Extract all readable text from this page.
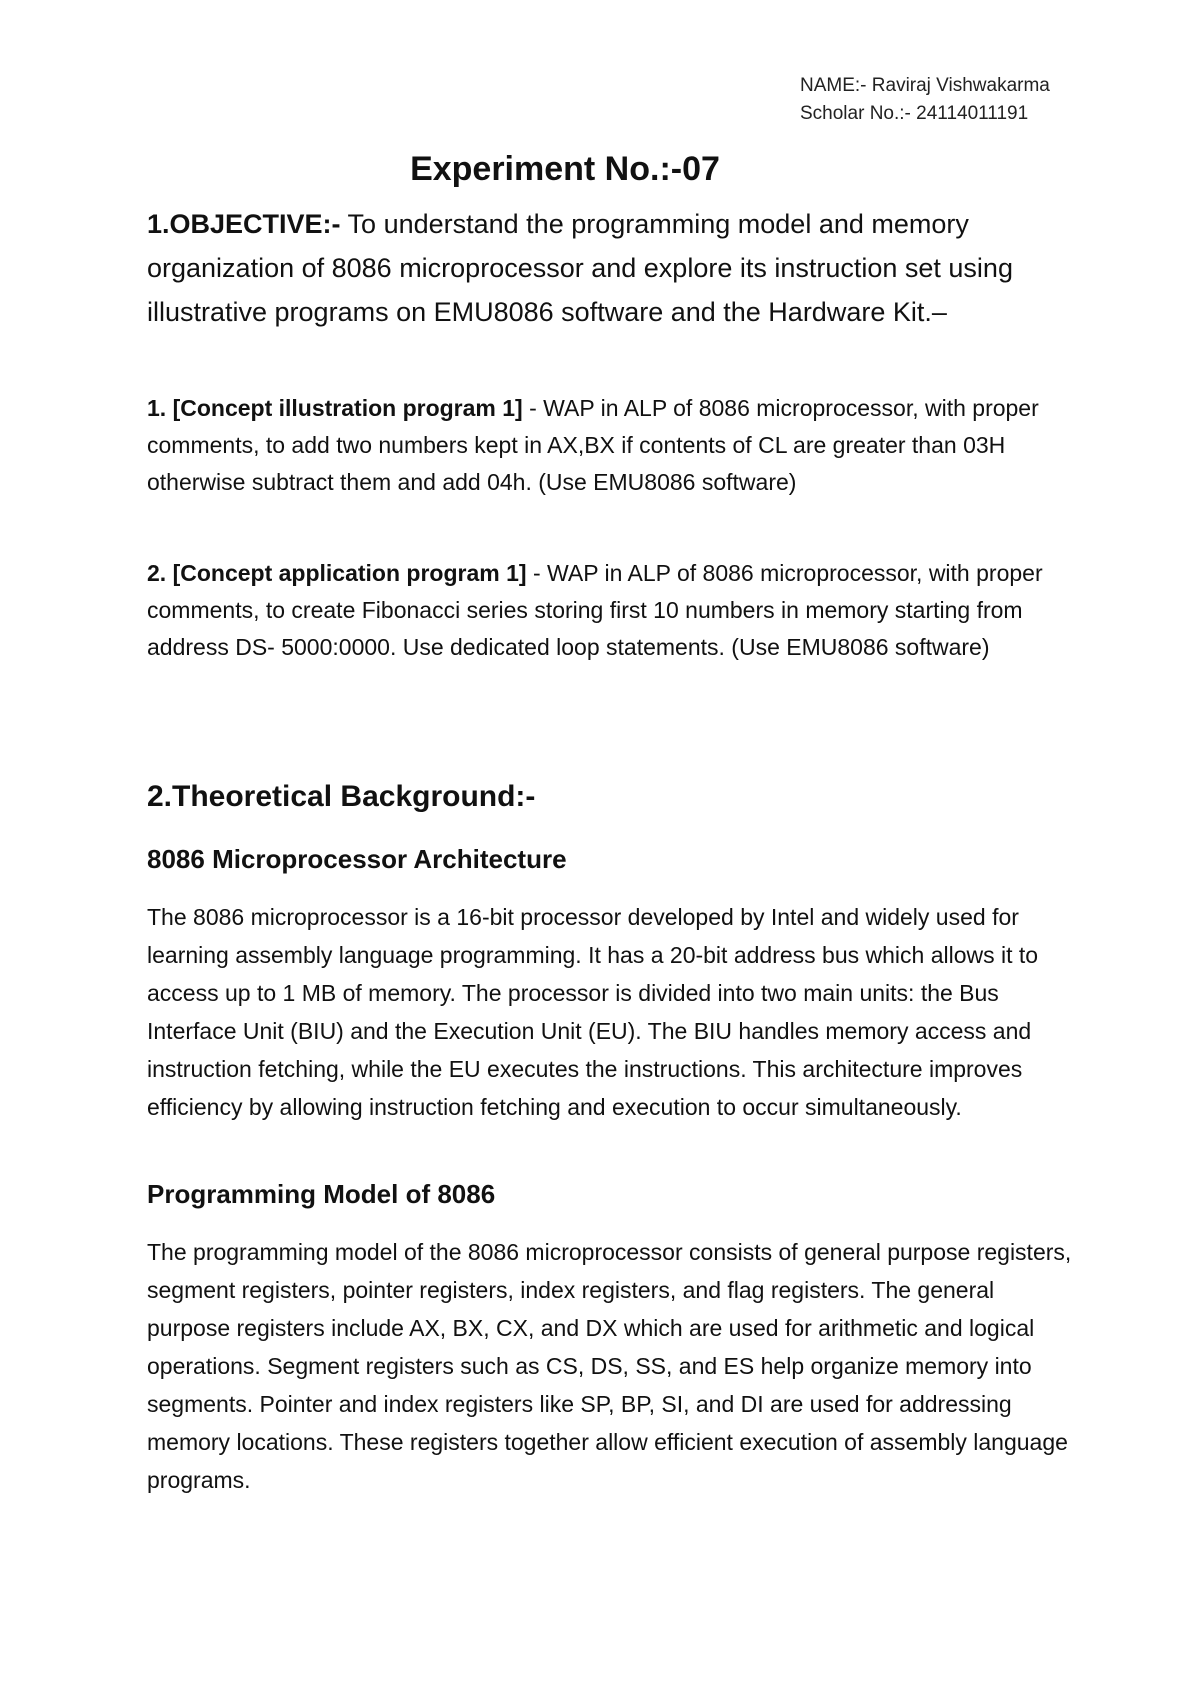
NAME:- Raviraj Vishwakarma
Scholar No.:- 24114011191
Experiment No.:-07

1.OBJECTIVE:- To understand the programming model and memory organization of 8086 microprocessor and explore its instruction set using illustrative programs on EMU8086 software and the Hardware Kit.–

1. [Concept illustration program 1] - WAP in ALP of 8086 microprocessor, with proper comments, to add two numbers kept in AX,BX if contents of CL are greater than 03H otherwise subtract them and add 04h. (Use EMU8086 software)

2. [Concept application program 1] - WAP in ALP of 8086 microprocessor, with proper comments, to create Fibonacci series storing first 10 numbers in memory starting from address DS- 5000:0000. Use dedicated loop statements. (Use EMU8086 software)

2.Theoretical Background:-
8086 Microprocessor Architecture

The 8086 microprocessor is a 16-bit processor developed by Intel and widely used for learning assembly language programming. It has a 20-bit address bus which allows it to access up to 1 MB of memory. The processor is divided into two main units: the Bus Interface Unit (BIU) and the Execution Unit (EU). The BIU handles memory access and instruction fetching, while the EU executes the instructions. This architecture improves efficiency by allowing instruction fetching and execution to occur simultaneously.

Programming Model of 8086

The programming model of the 8086 microprocessor consists of general purpose registers, segment registers, pointer registers, index registers, and flag registers. The general purpose registers include AX, BX, CX, and DX which are used for arithmetic and logical operations. Segment registers such as CS, DS, SS, and ES help organize memory into segments. Pointer and index registers like SP, BP, SI, and DI are used for addressing memory locations. These registers together allow efficient execution of assembly language programs.
